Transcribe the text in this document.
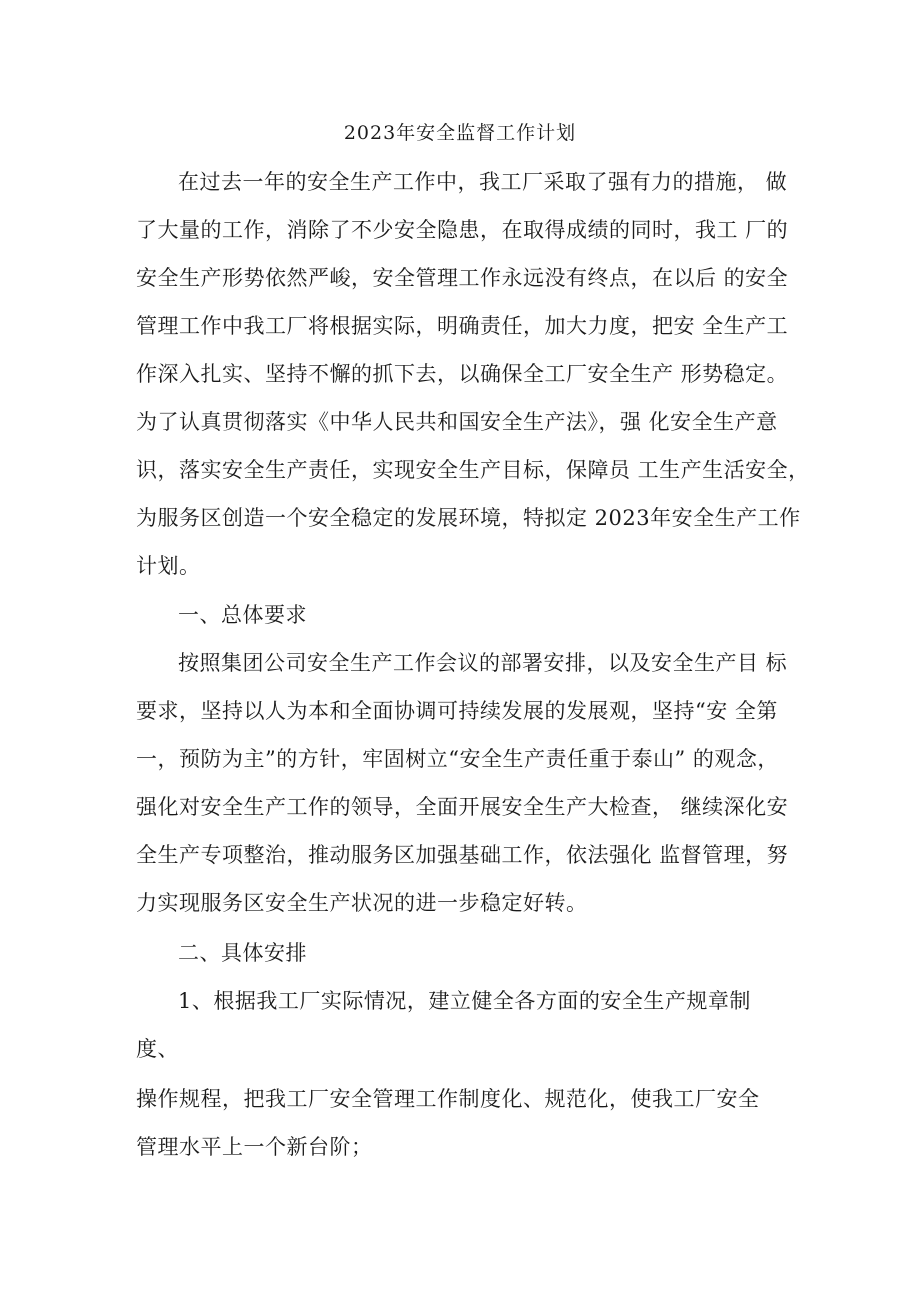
2023年安全监督工作计划
在过去一年的安全生产工作中，我工厂采取了强有力的措施， 做
了大量的工作，消除了不少安全隐患，在取得成绩的同时，我工 厂的
安全生产形势依然严峻，安全管理工作永远没有终点，在以后 的安全
管理工作中我工厂将根据实际，明确责任，加大力度，把安 全生产工
作深入扎实、坚持不懈的抓下去，以确保全工厂安全生产 形势稳定。
为了认真贯彻落实《中华人民共和国安全生产法》，强 化安全生产意
识，落实安全生产责任，实现安全生产目标，保障员 工生产生活安全，
为服务区创造一个安全稳定的发展环境，特拟定 2023年安全生产工作
计划。
一、总体要求
按照集团公司安全生产工作会议的部署安排，以及安全生产目 标
要求，坚持以人为本和全面协调可持续发展的发展观，坚持“安 全第
一，预防为主”的方针，牢固树立“安全生产责任重于泰山” 的观念，
强化对安全生产工作的领导，全面开展安全生产大检查， 继续深化安
全生产专项整治，推动服务区加强基础工作，依法强化 监督管理，努
力实现服务区安全生产状况的进一步稳定好转。
二、具体安排
1、根据我工厂实际情况，建立健全各方面的安全生产规章制
度、
操作规程，把我工厂安全管理工作制度化、规范化，使我工厂安全
管理水平上一个新台阶；
